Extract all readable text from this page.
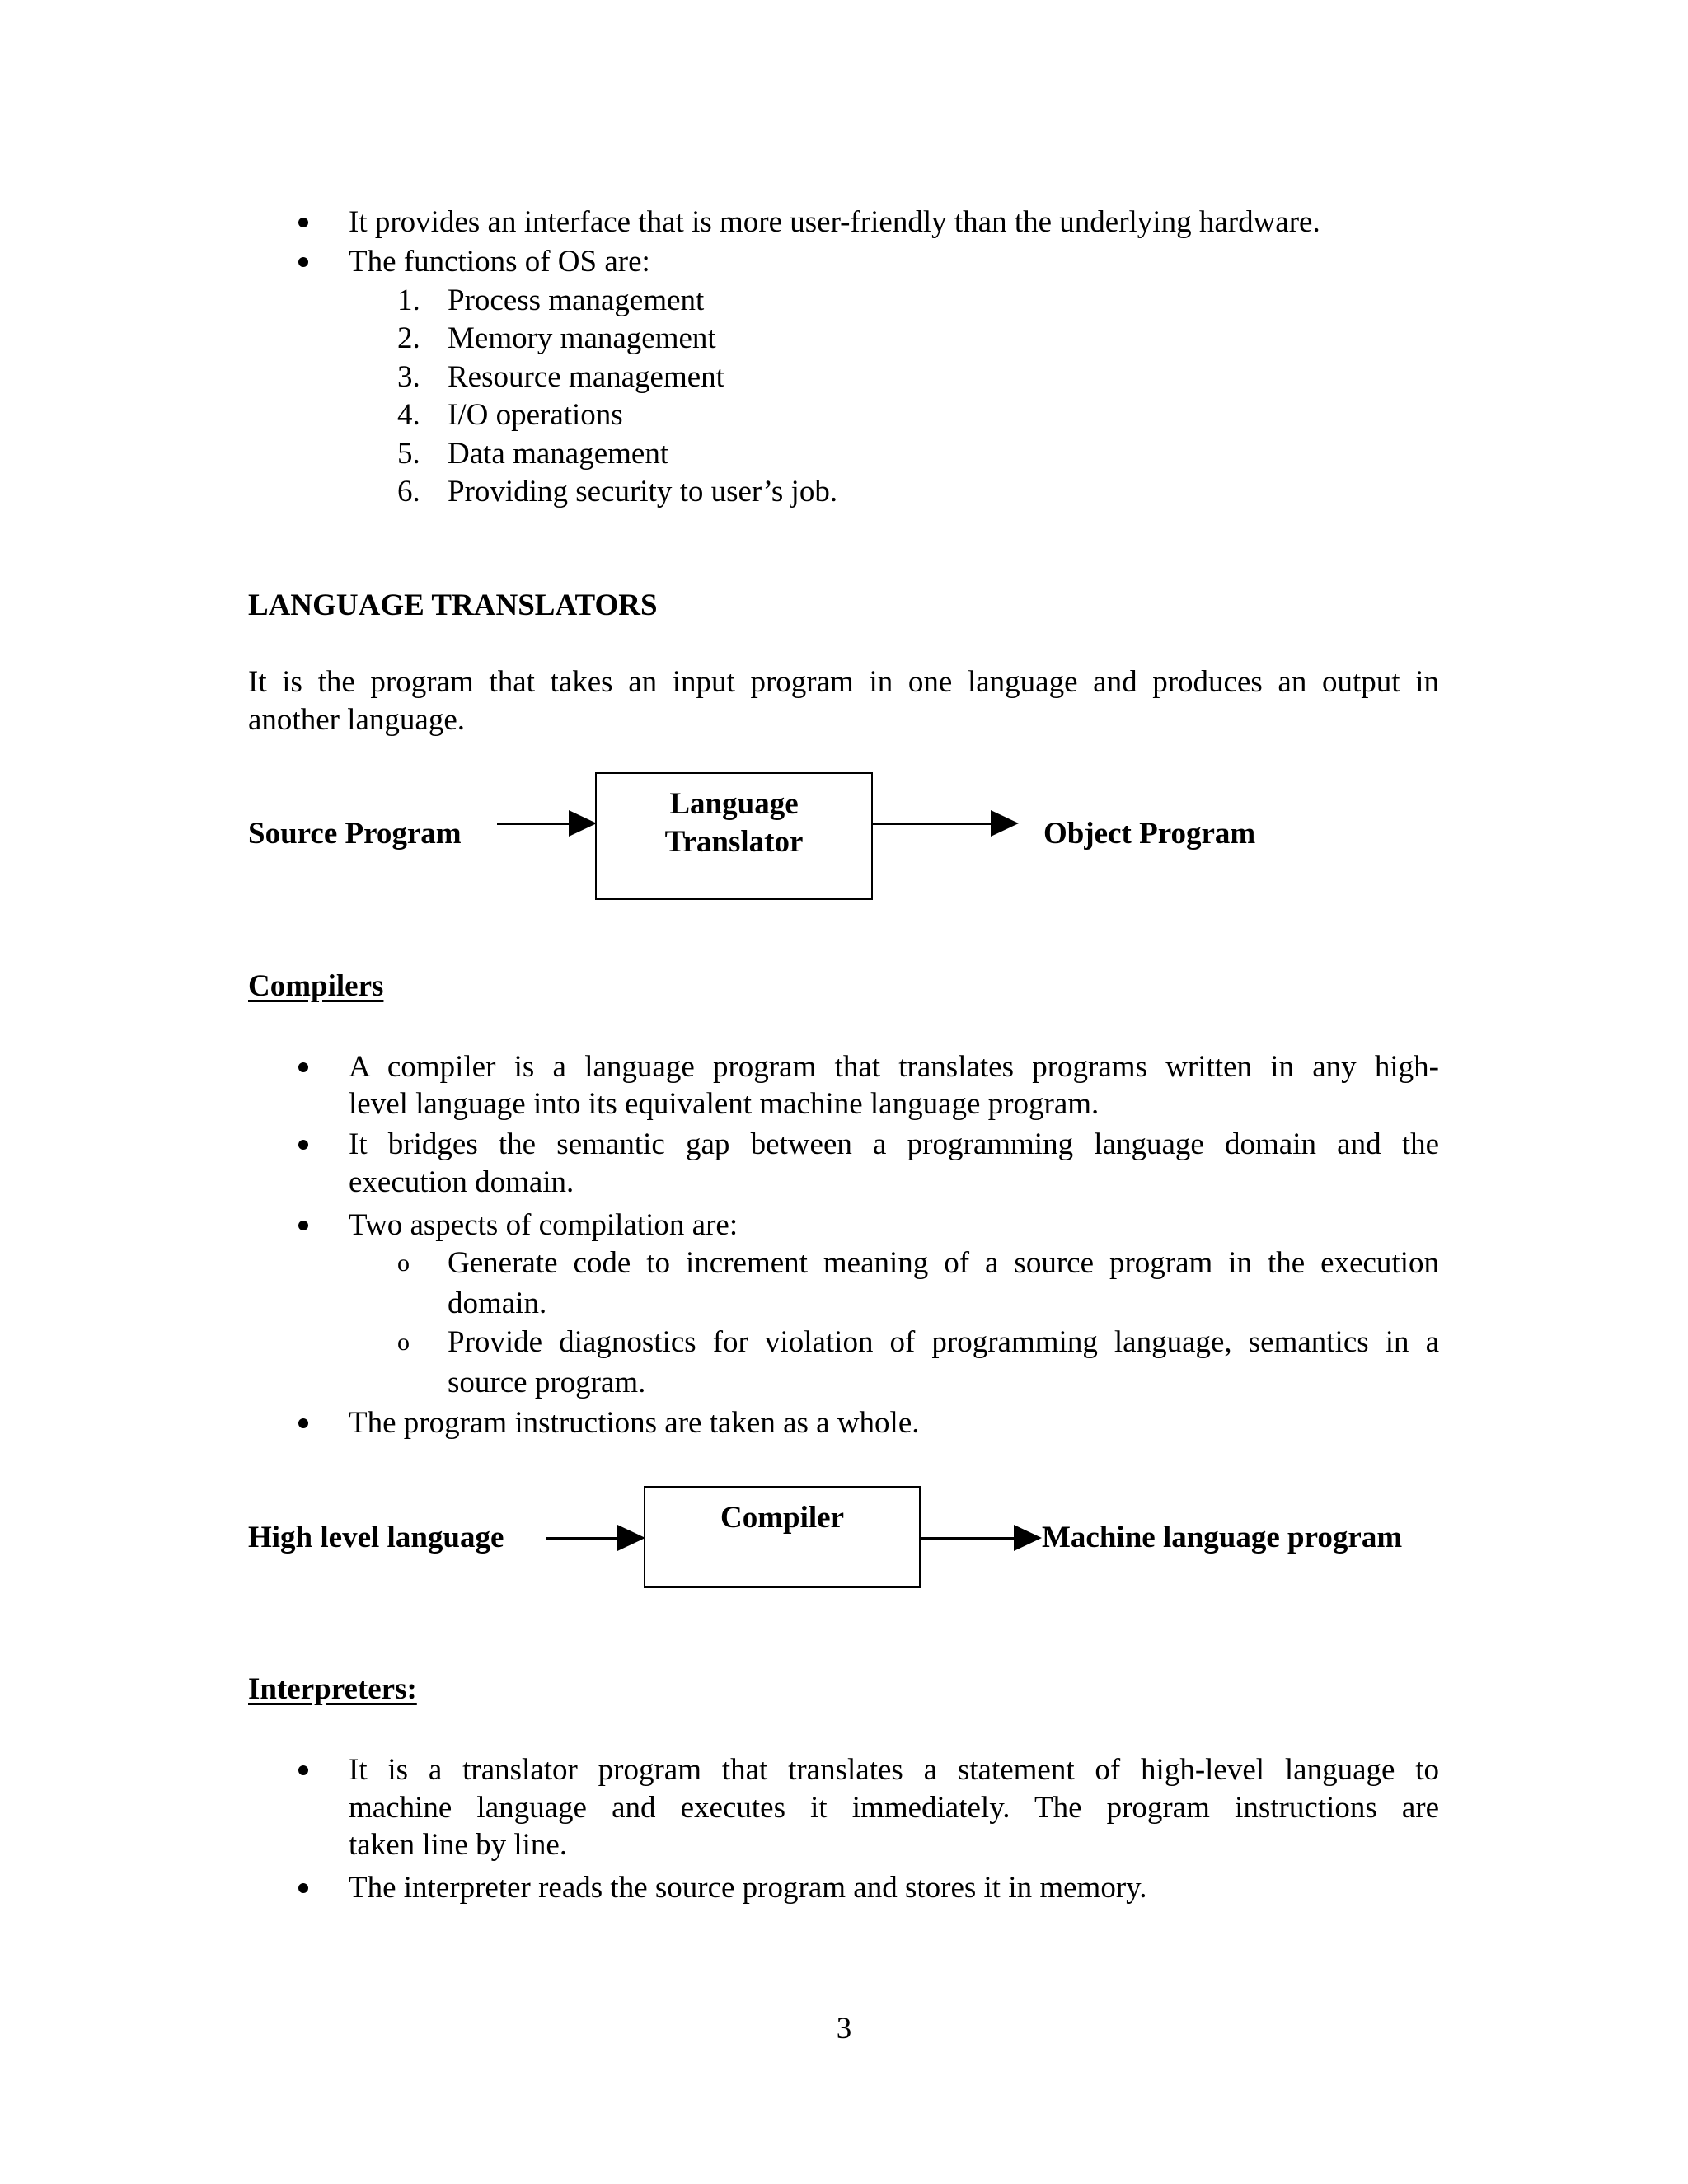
It provides an interface that is more user-friendly than the underlying hardware.
The functions of OS are:
1. Process management
2. Memory management
3. Resource management
4. I/O operations
5. Data management
6. Providing security to user’s job.
LANGUAGE TRANSLATORS
It is the program that takes an input program in one language and produces an output in
another language.
Source Program
Language
Translator	Object Program
Compilers
A compiler is a language program that translates programs written in any high-
level language into its equivalent machine language program.
It bridges the semantic gap between a programming language domain and the
execution domain.
Two aspects of compilation are:
o Generate code to increment meaning of a source program in the execution
domain.
o Provide diagnostics for violation of programming language, semantics in a
source program.
The program instructions are taken as a whole.
High level language
Compiler
Machine language program
Interpreters:
It is a translator program that translates a statement of high-level language to
machine language and executes it immediately. The program instructions are
taken line by line.
The interpreter reads the source program and stores it in memory.
3
